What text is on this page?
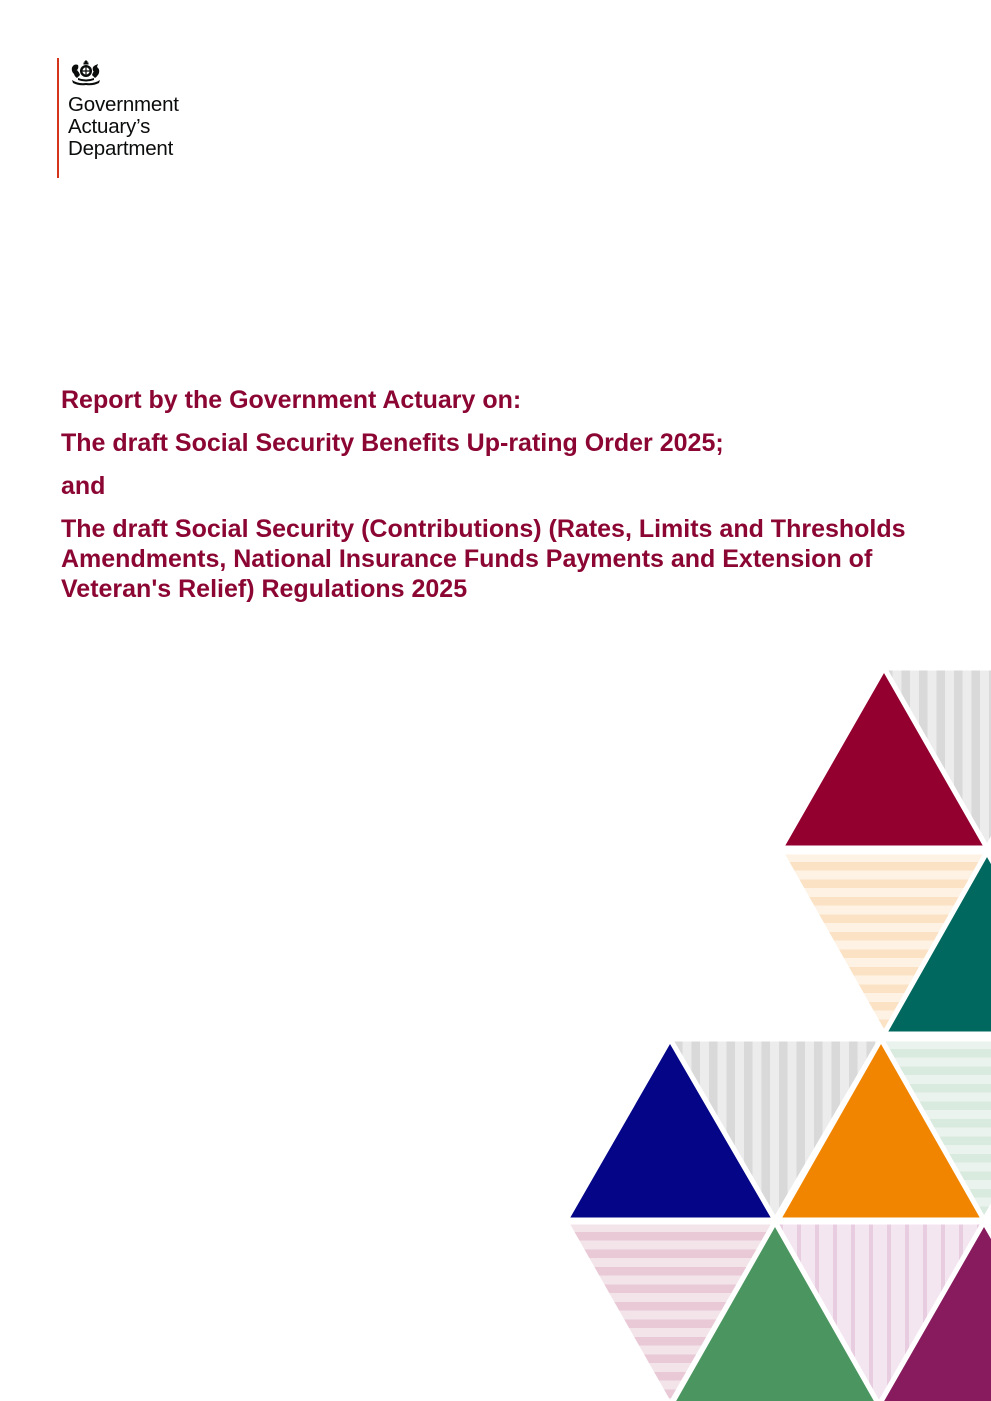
Government
Actuary’s
Department
Report by the Government Actuary on:
The draft Social Security Benefits Up-rating Order 2025;
and
The draft Social Security (Contributions) (Rates, Limits and Thresholds Amendments, National Insurance Funds Payments and Extension of Veteran's Relief) Regulations 2025
